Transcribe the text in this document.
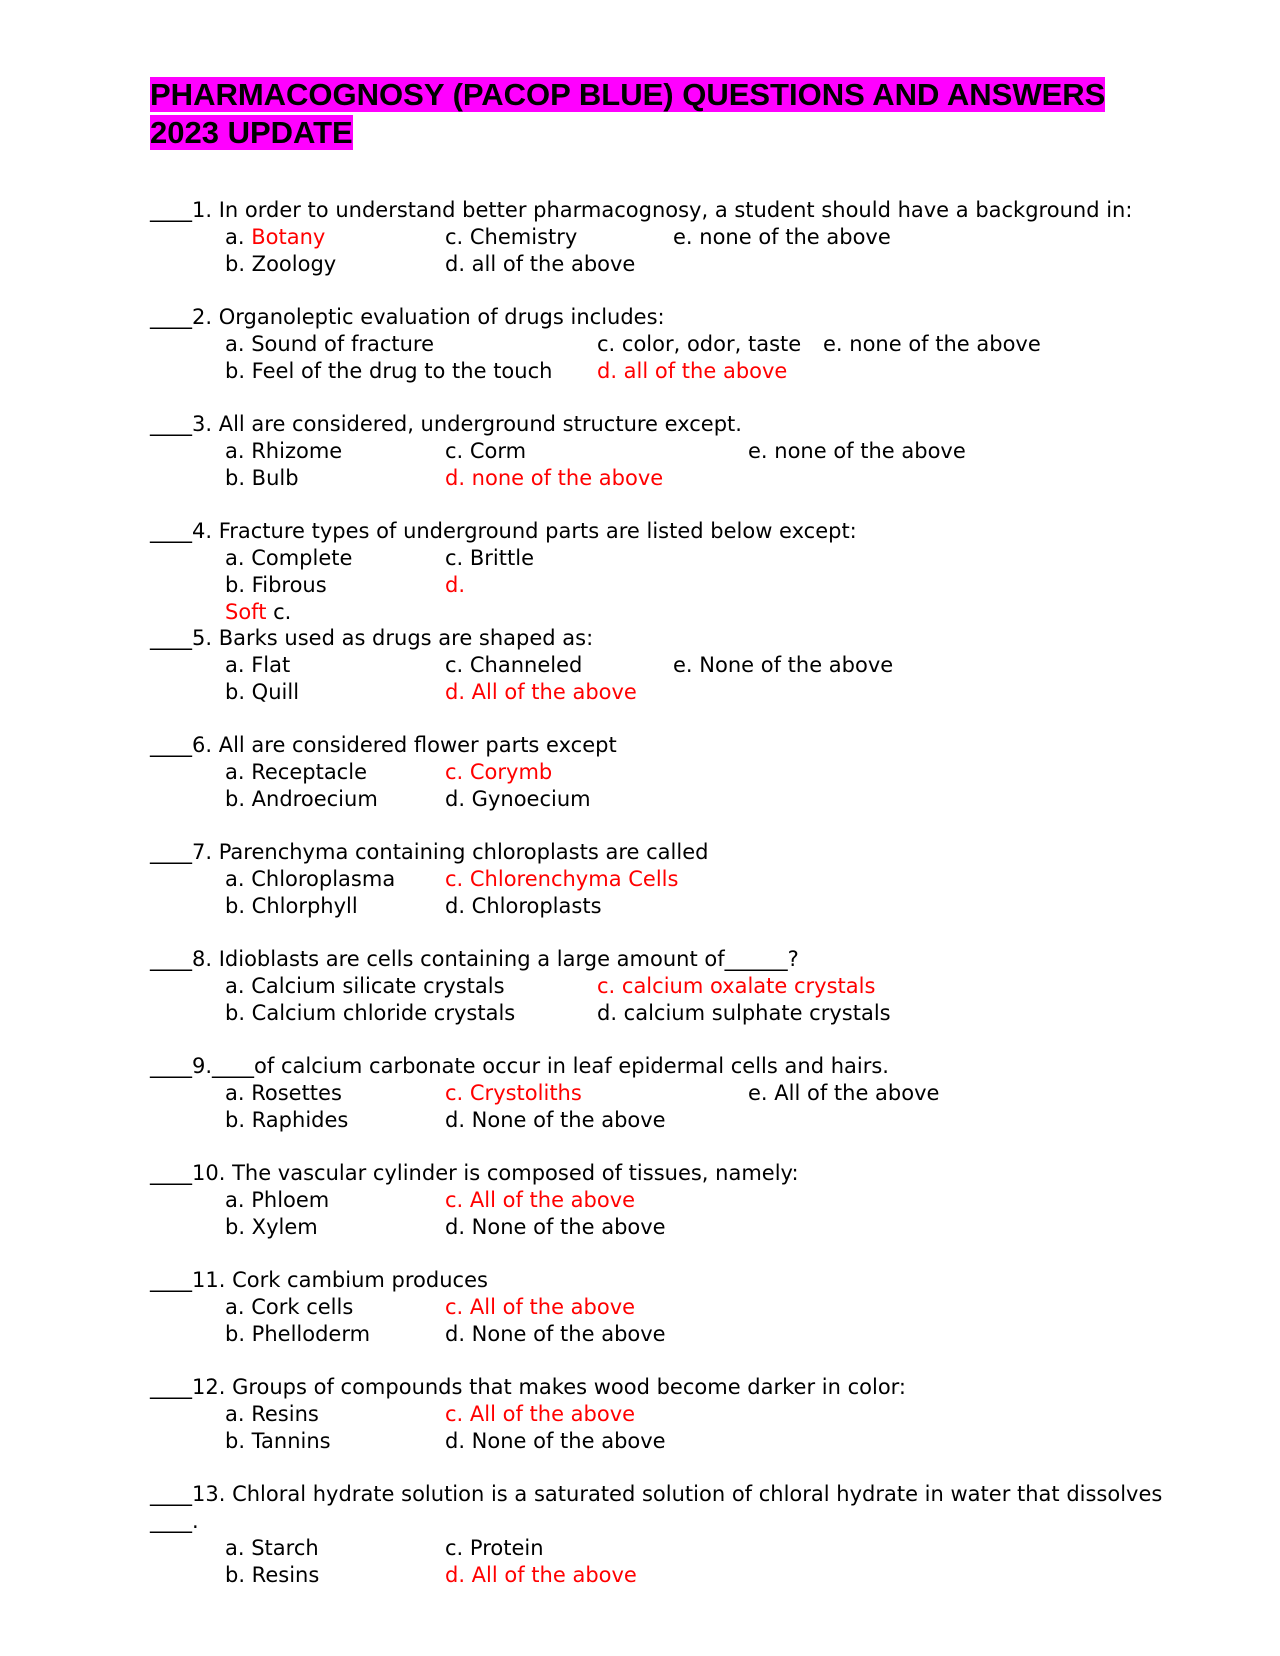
PHARMACOGNOSY (PACOP BLUE) QUESTIONS AND ANSWERS
2023 UPDATE
____1. In order to understand better pharmacognosy, a student should have a background in:
a. Botany	c. Chemistry	e. none of the above
b. Zoology	d. all of the above
____2. Organoleptic evaluation of drugs includes:
a. Sound of fracture	c. color, odor, taste e. none of the above
b. Feel of the drug to the touch d. all of the above
____3. All are considered, underground structure except.
a. Rhizome	c. Corm	e. none of the above
b. Bulb	d. none of the above
____4. Fracture types of underground parts are listed below except:
a. Complete	c. Brittle
b. Fibrous	d.
Soft c.
____5. Barks used as drugs are shaped as:
a. Flat	c. Channeled	e. None of the above
b. Quill	d. All of the above
____6. All are considered flower parts except
a. Receptacle	c. Corymb
b. Androecium	d. Gynoecium
____7. Parenchyma containing chloroplasts are called
a. Chloroplasma c. Chlorenchyma Cells
b. Chlorphyll	d. Chloroplasts
____8. Idioblasts are cells containing a large amount of______?
a. Calcium silicate crystals	c. calcium oxalate crystals
b. Calcium chloride crystals	d. calcium sulphate crystals
____9.____of calcium carbonate occur in leaf epidermal cells and hairs.
a. Rosettes	c. Crystoliths	e. All of the above
b. Raphides	d. None of the above
____10. The vascular cylinder is composed of tissues, namely:
a. Phloem	c. All of the above
b. Xylem	d. None of the above
____11. Cork cambium produces
a. Cork cells	c. All of the above
b. Phelloderm	d. None of the above
____12. Groups of compounds that makes wood become darker in color:
a. Resins	c. All of the above
b. Tannins	d. None of the above
____13. Chloral hydrate solution is a saturated solution of chloral hydrate in water that dissolves
____.
a. Starch	c. Protein
b. Resins	d. All of the above
